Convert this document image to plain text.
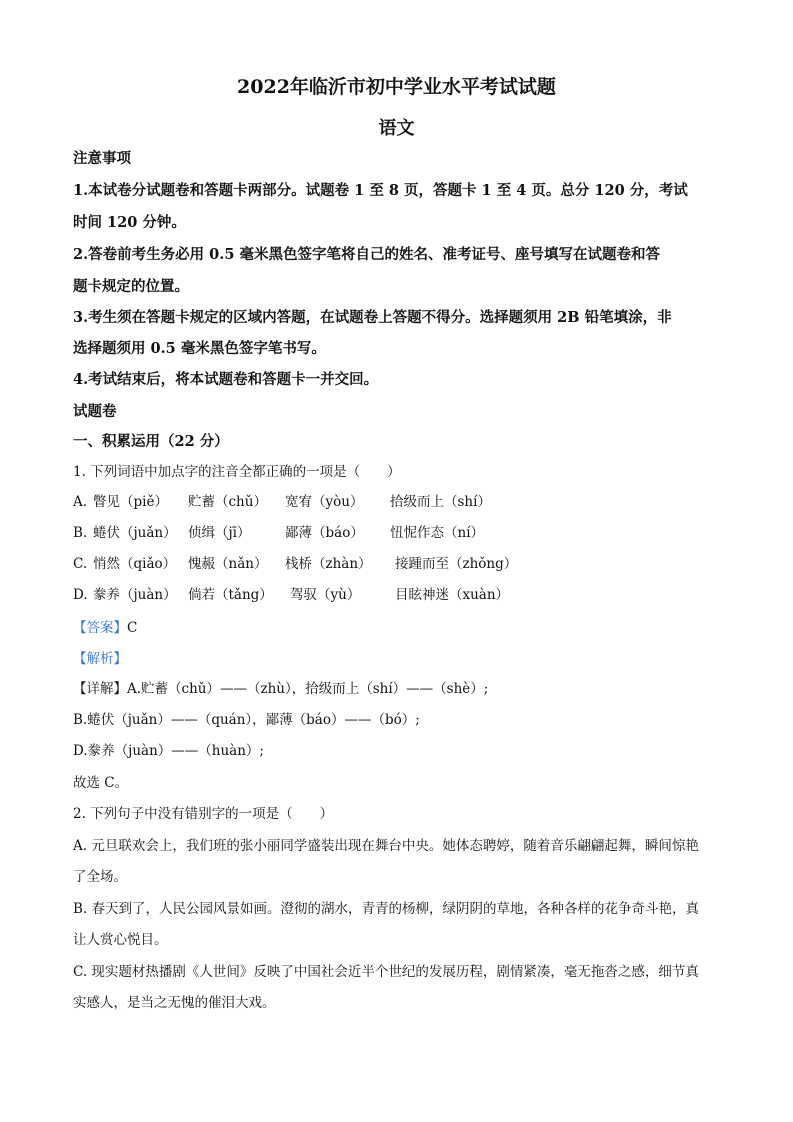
2022年临沂市初中学业水平考试试题
语文
注意事项
1.本试卷分试题卷和答题卡两部分。试题卷 1 至 8 页，答题卡 1 至 4 页。总分 120 分，考试
时间 120 分钟。
2.答卷前考生务必用 0.5 毫米黑色签字笔将自己的姓名、准考证号、座号填写在试题卷和答
题卡规定的位置。
3.考生须在答题卡规定的区域内答题，在试题卷上答题不得分。选择题须用 2B 铅笔填涂，非
选择题须用 0.5 毫米黑色签字笔书写。
4.考试结束后，将本试题卷和答题卡一并交回。
试题卷
一、积累运用（22 分）
1. 下列词语中加点字的注音全都正确的一项是（　　）
A. 瞥见（piě） 贮蓄（chǔ） 宽宥（yòu） 拾级而上（shí）
B. 蜷伏（juǎn） 侦缉（jī）	鄙薄（báo） 忸怩作态（ní）
C. 悄然（qiǎo） 愧赧（nǎn） 栈桥（zhàn） 接踵而至（zhǒng）
D. 豢养（juàn） 倘若（tǎng） 驾驭（yù）	目眩神迷（xuàn）
【答案】C
【解析】
【详解】A.贮蓄（chǔ）——（zhù），拾级而上（shí）——（shè）;
B.蜷伏（juǎn）——（quán），鄙薄（báo）——（bó）;
D.豢养（juàn）——（huàn）;
故选 C。
2. 下列句子中没有错别字的一项是（　　）
A. 元旦联欢会上，我们班的张小丽同学盛装出现在舞台中央。她体态聘婷，随着音乐翩翩起舞，瞬间惊艳
了全场。
B. 春天到了，人民公园风景如画。澄彻的湖水，青青的杨柳，绿阴阴的草地，各种各样的花争奇斗艳，真
让人赏心悦目。
C. 现实题材热播剧《人世间》反映了中国社会近半个世纪的发展历程，剧情紧凑，毫无拖沓之感，细节真
实感人，是当之无愧的催泪大戏。
